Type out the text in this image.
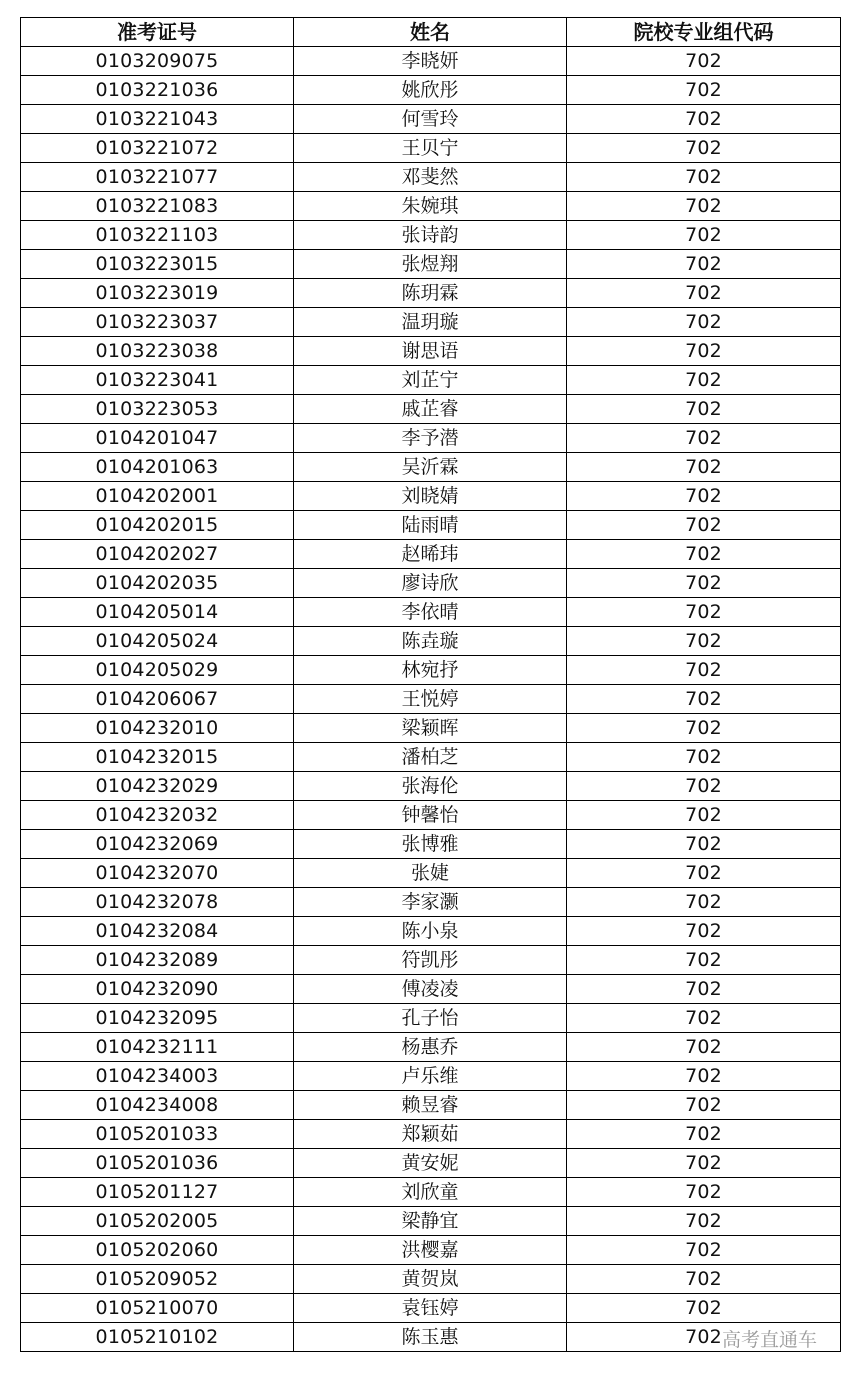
准考证号	姓名	院校专业组代码
0103209075	李晓妍	702
0103221036	姚欣彤	702
0103221043	何雪玲	702
0103221072	王贝宁	702
0103221077	邓斐然	702
0103221083	朱婉琪	702
0103221103	张诗韵	702
0103223015	张煜翔	702
0103223019	陈玥霖	702
0103223037	温玥璇	702
0103223038	谢思语	702
0103223041	刘芷宁	702
0103223053	戚芷睿	702
0104201047	李予潜	702
0104201063	吴沂霖	702
0104202001	刘晓婧	702
0104202015	陆雨晴	702
0104202027	赵晞玮	702
0104202035	廖诗欣	702
0104205014	李依晴	702
0104205024	陈垚璇	702
0104205029	林宛抒	702
0104206067	王悦婷	702
0104232010	梁颖晖	702
0104232015	潘柏芝	702
0104232029	张海伦	702
0104232032	钟馨怡	702
0104232069	张博雅	702
0104232070	张婕	702
0104232078	李家灏	702
0104232084	陈小泉	702
0104232089	符凯彤	702
0104232090	傅凌凌	702
0104232095	孔子怡	702
0104232111	杨惠乔	702
0104234003	卢乐维	702
0104234008	赖昱睿	702
0105201033	郑颖茹	702
0105201036	黄安妮	702
0105201127	刘欣童	702
0105202005	梁静宜	702
0105202060	洪樱嘉	702
0105209052	黄贺岚	702
0105210070	袁钰婷	702
0105210102	陈玉惠	702 高考直通车
